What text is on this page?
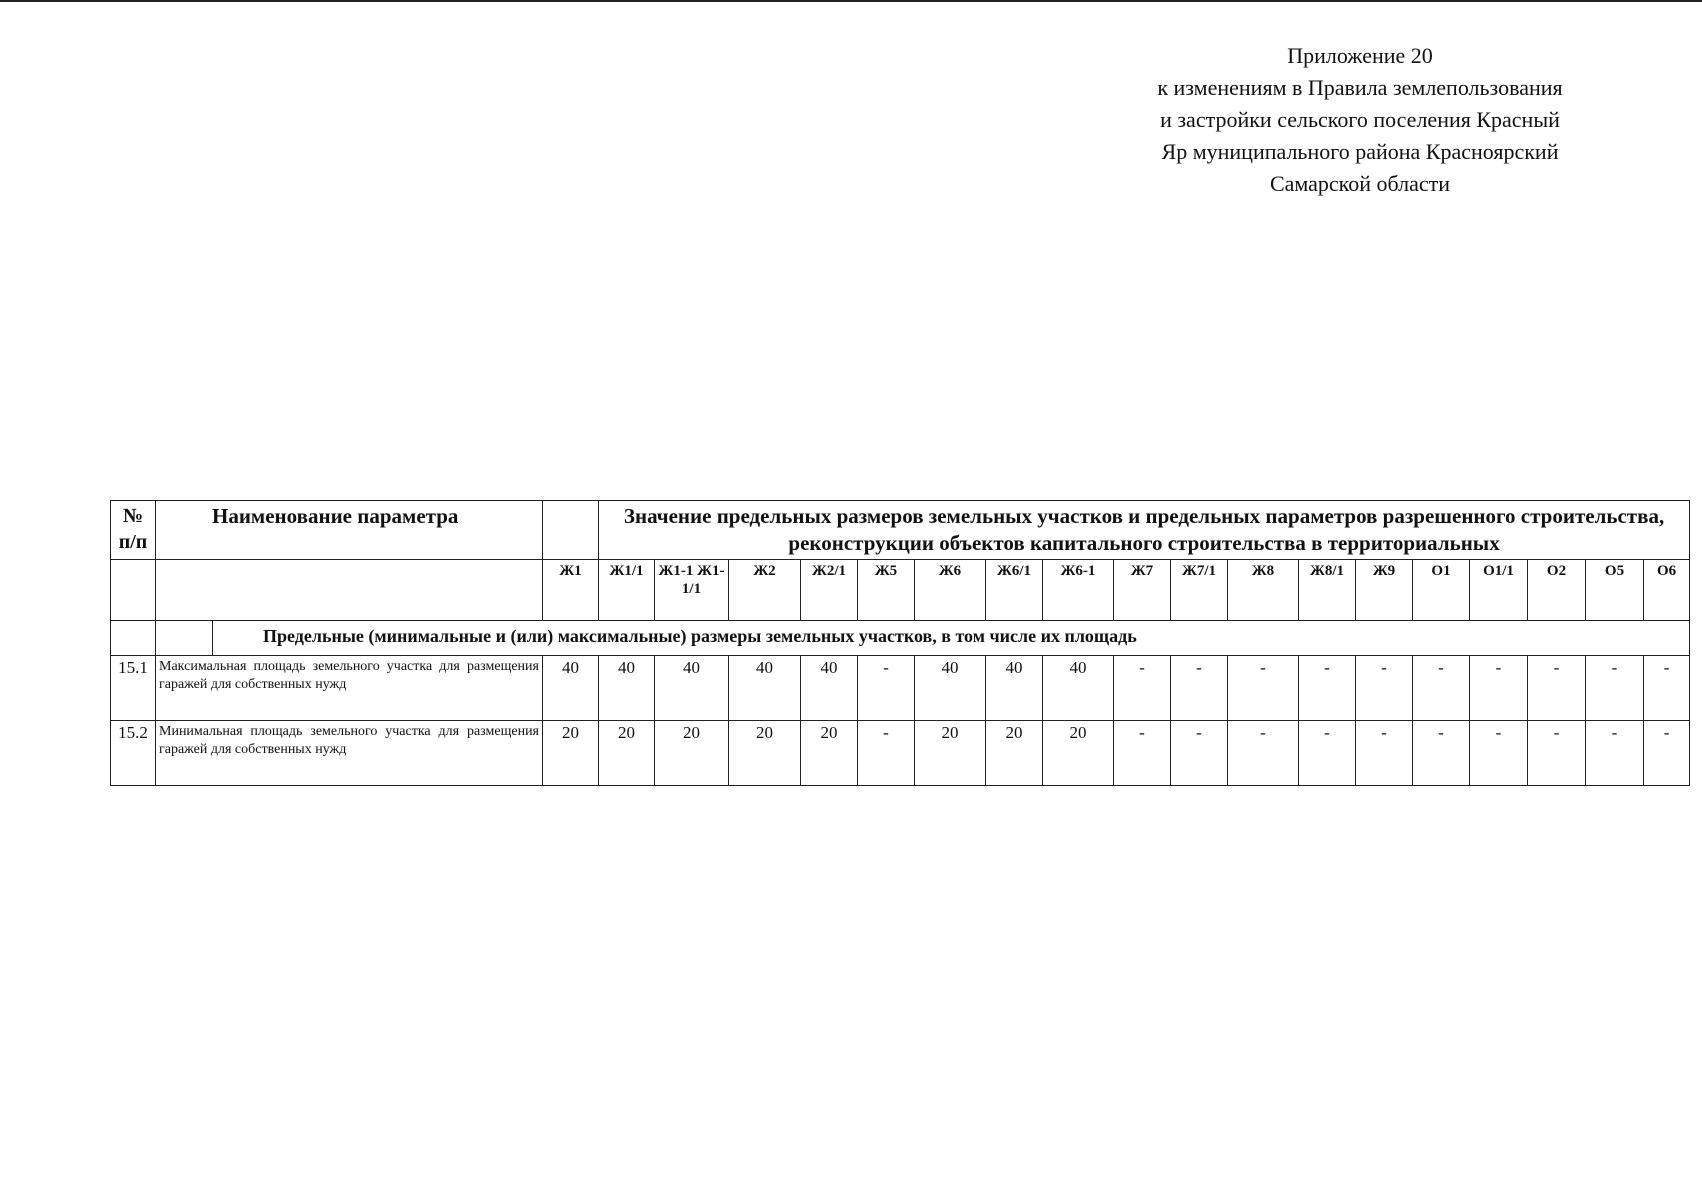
Приложение 20
к изменениям в Правила землепользования
и застройки сельского поселения Красный
Яр муниципального района Красноярский
Самарской области
№ п/п	Наименование параметра			Значение предельных размеров земельных участков и предельных параметров разрешенного строительства, реконструкции объектов капитального строительства в территориальных																	
			Ж1	Ж1/1	Ж1-1 Ж1-1/1	Ж2	Ж2/1	Ж5	Ж6	Ж6/1	Ж6-1	Ж7	Ж7/1	Ж8	Ж8/1	Ж9	О1	О1/1	О2	О5	О6
		Предельные (минимальные и (или) максимальные) размеры земельных участков, в том числе их площадь																			
15.1	Максимальная площадь земельного участка для размещения гаражей для собственных нужд		40	40	40	40	40	-	40	40	40	-	-	-	-	-	-	-	-	-	-
15.2	Минимальная площадь земельного участка для размещения гаражей для собственных нужд		20	20	20	20	20	-	20	20	20	-	-	-	-	-	-	-	-	-	-
